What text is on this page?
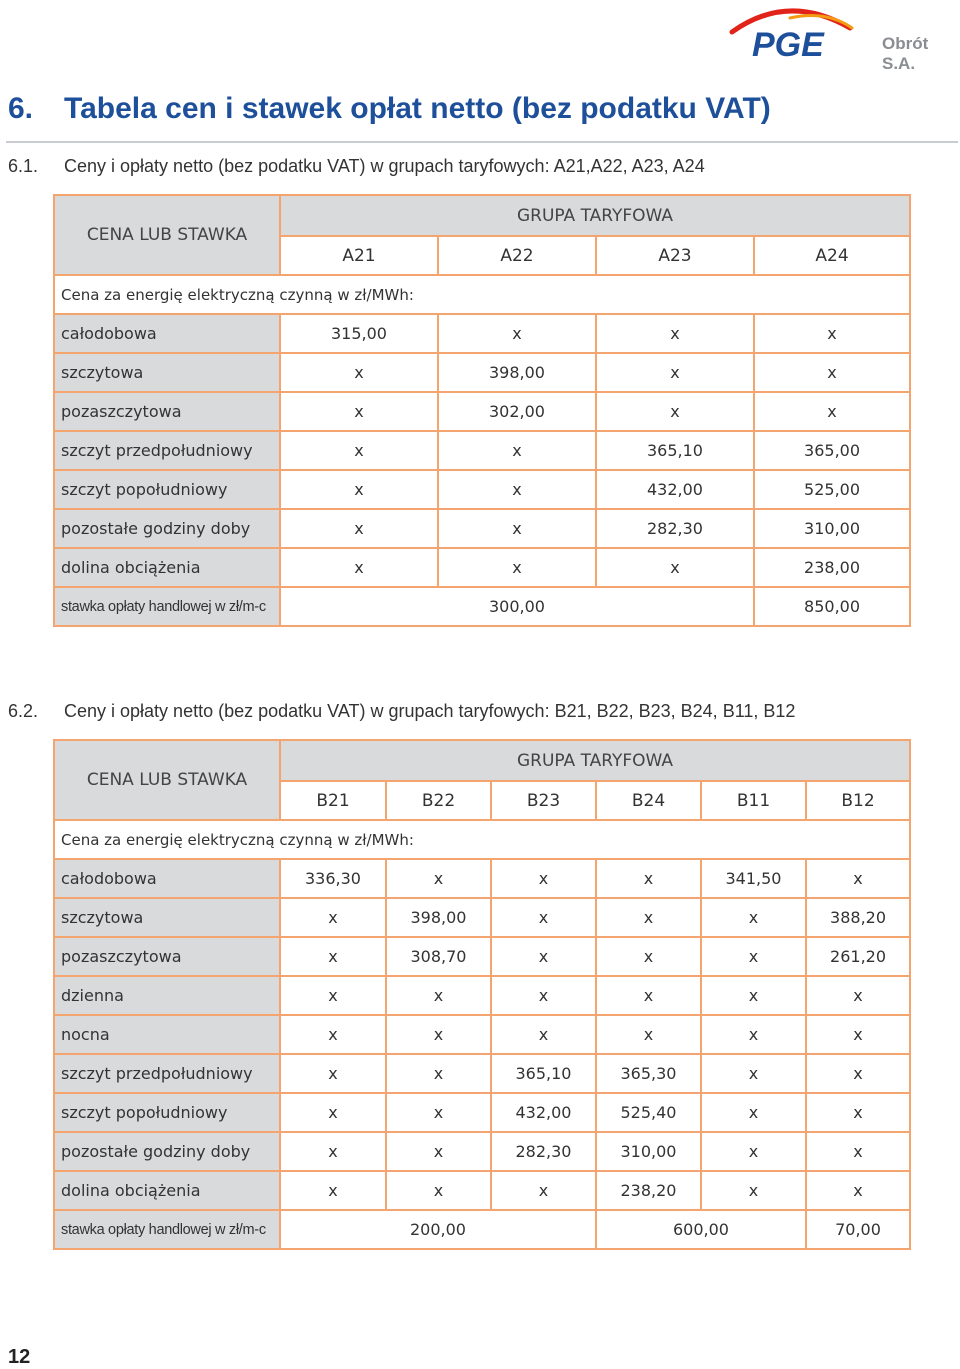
PGE	Obrót S.A.
6. Tabela cen i stawek opłat netto (bez podatku VAT)
6.1. Ceny i opłaty netto (bez podatku VAT) w grupach taryfowych: A21,A22, A23, A24
CENA LUB STAWKA	GRUPA TARYFOWA			
	A21	A22	A23	A24
Cena za energię elektryczną czynną w zł/MWh:				
całodobowa	315,00	x	x	x
szczytowa	x	398,00	x	x
pozaszczytowa	x	302,00	x	x
szczyt przedpołudniowy	x	x	365,10	365,00
szczyt popołudniowy	x	x	432,00	525,00
pozostałe godziny doby	x	x	282,30	310,00
dolina obciążenia	x	x	x	238,00
stawka opłaty handlowej w zł/m-c	300,00			850,00
6.2. Ceny i opłaty netto (bez podatku VAT) w grupach taryfowych: B21, B22, B23, B24, B11, B12
CENA LUB STAWKA	GRUPA TARYFOWA					
	B21	B22	B23	B24	B11	B12
Cena za energię elektryczną czynną w zł/MWh:						
całodobowa	336,30	x	x	x	341,50	x
szczytowa	x	398,00	x	x	x	388,20
pozaszczytowa	x	308,70	x	x	x	261,20
dzienna	x	x	x	x	x	x
nocna	x	x	x	x	x	x
szczyt przedpołudniowy	x	x	365,10	365,30	x	x
szczyt popołudniowy	x	x	432,00	525,40	x	x
pozostałe godziny doby	x	x	282,30	310,00	x	x
dolina obciążenia	x	x	x	238,20	x	x
stawka opłaty handlowej w zł/m-c	200,00			600,00		70,00
12
